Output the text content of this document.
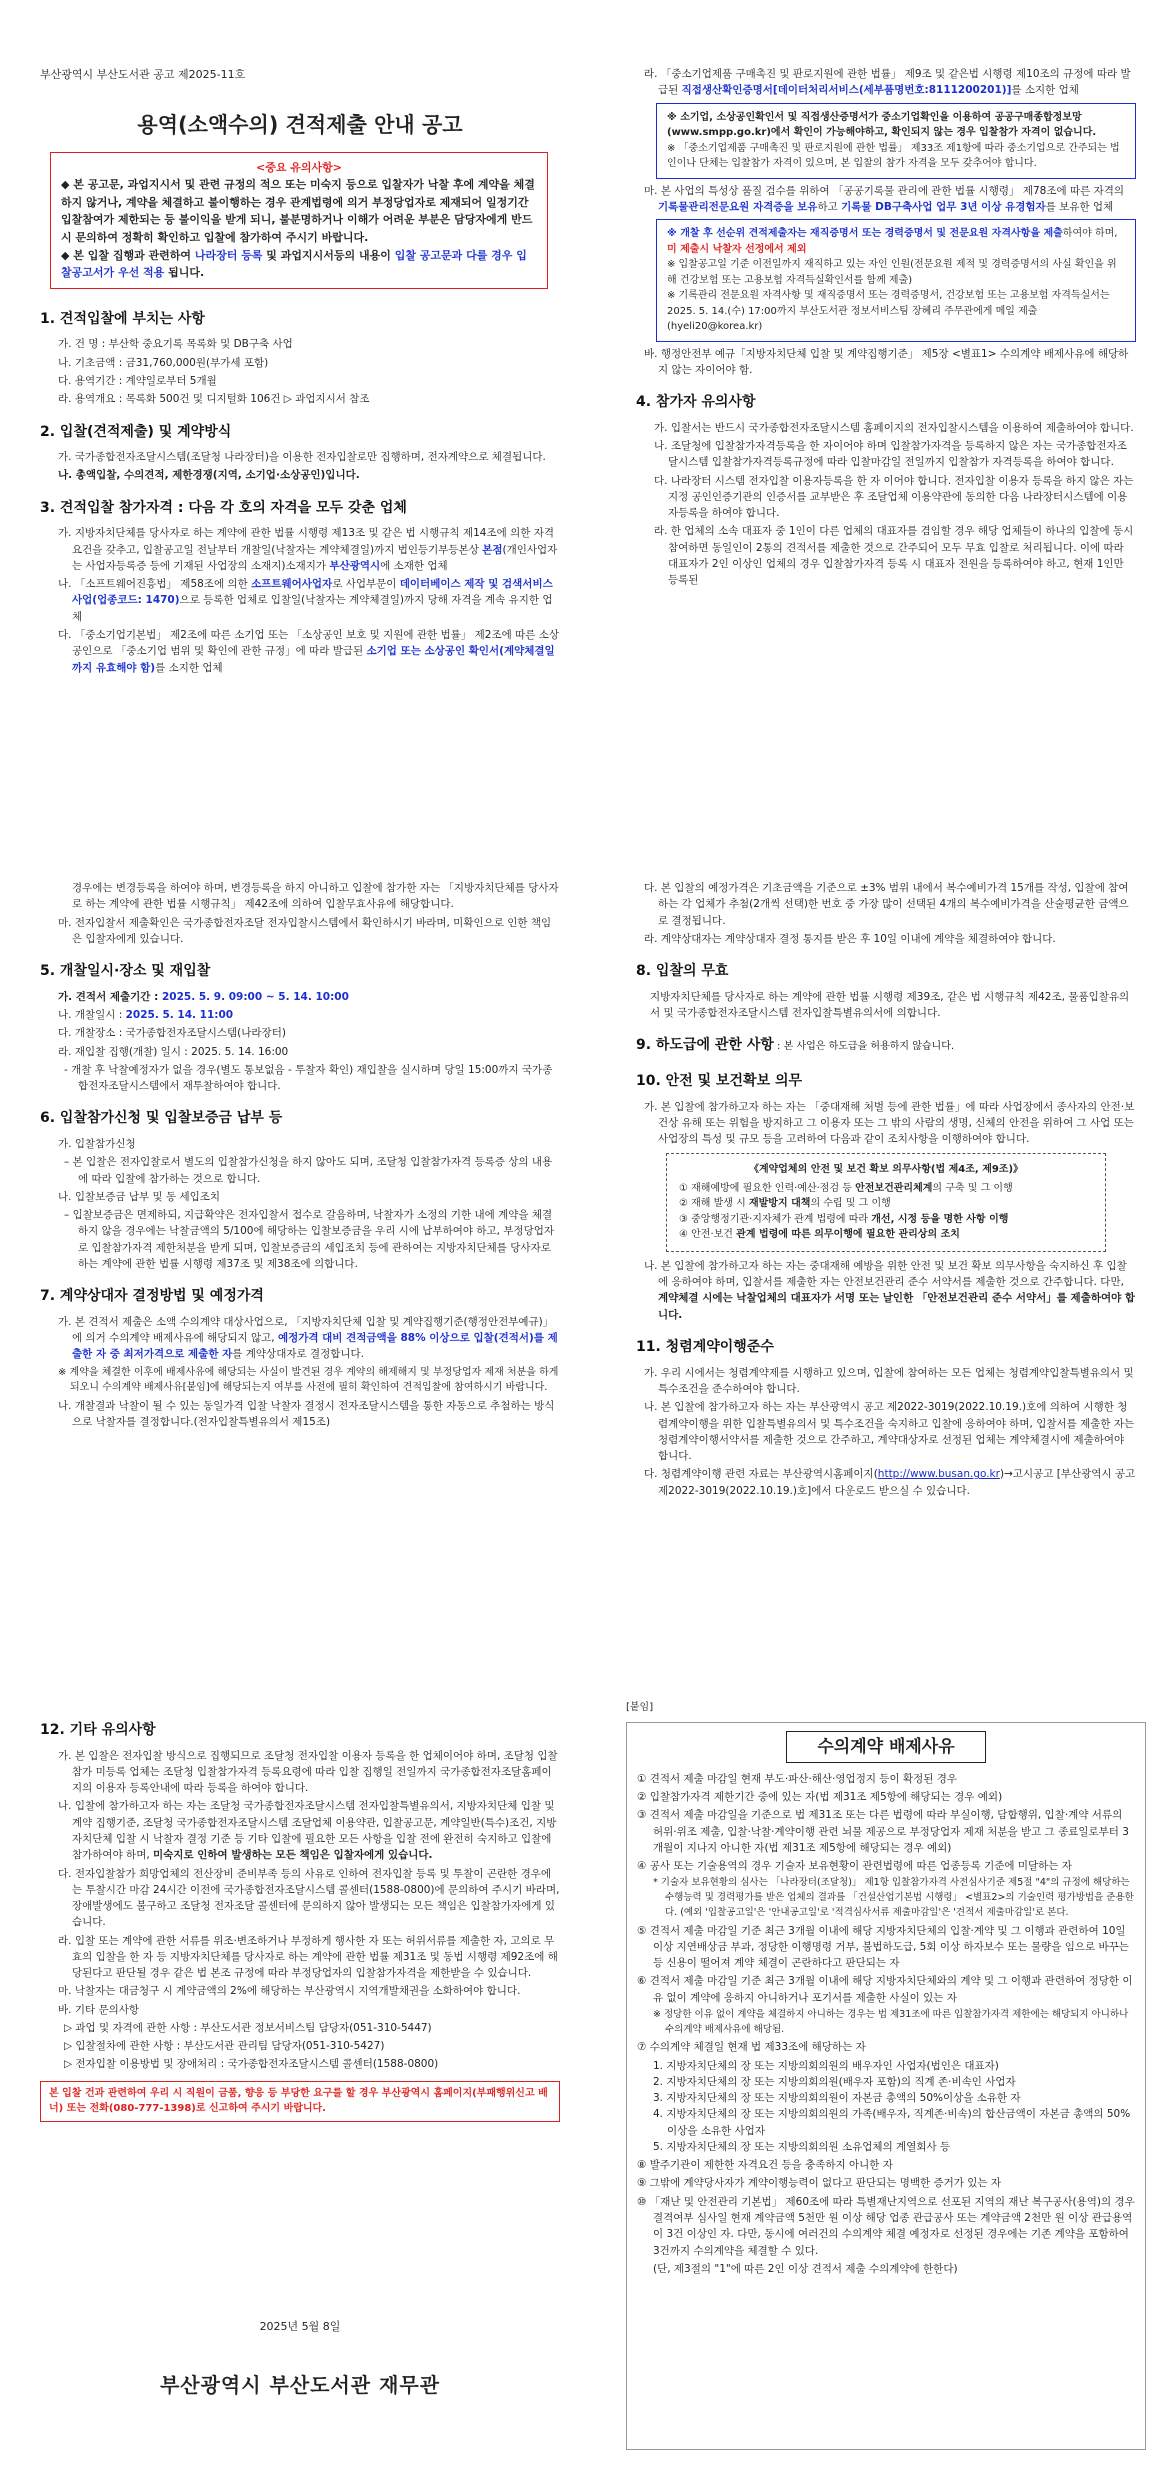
부산광역시 부산도서관 공고 제2025-11호
용역(소액수의) 견적제출 안내 공고
<중요 유의사항>
◆ 본 공고문, 과업지시서 및 관련 규정의 적으 또는 미숙지 등으로 입찰자가 낙찰 후에 계약을 체결하지 않거나, 계약을 체결하고 불이행하는 경우 관계법령에 의거 부정당업자로 제재되어 일정기간 입찰참여가 제한되는 등 불이익을 받게 되니, 불분명하거나 이해가 어려운 부분은 담당자에게 반드시 문의하여 정확히 확인하고 입찰에 참가하여 주시기 바랍니다.
◆ 본 입찰 집행과 관련하여 나라장터 등록 및 과업지시서등의 내용이 입찰 공고문과 다를 경우 입찰공고서가 우선 적용 됩니다.
1. 견적입찰에 부치는 사항
가. 건 명 : 부산학 중요기록 목록화 및 DB구축 사업
나. 기초금액 : 금31,760,000원(부가세 포함)
다. 용역기간 : 계약일로부터 5개월
라. 용역개요 : 목록화 500건 및 디지털화 106건 ▷ 과업지시서 참조
2. 입찰(견적제출) 및 계약방식
가. 국가종합전자조달시스템(조달청 나라장터)을 이용한 전자입찰로만 집행하며, 전자계약으로 체결됩니다.
나. 총액입찰, 수의견적, 제한경쟁(지역, 소기업·소상공인)입니다.
3. 견적입찰 참가자격 : 다음 각 호의 자격을 모두 갖춘 업체
가. 지방자치단체를 당사자로 하는 계약에 관한 법률 시행령 제13조 및 같은 법 시행규칙 제14조에 의한 자격요건을 갖추고, 입찰공고일 전날부터 개찰일(낙찰자는 계약체결일)까지 법인등기부등본상 본점(개인사업자는 사업자등록증 등에 기재된 사업장의 소재지)소재지가 부산광역시에 소재한 업체
나. 「소프트웨어진흥법」 제58조에 의한 소프트웨어사업자로 사업부문이 데이터베이스 제작 및 검색서비스 사업(업종코드: 1470)으로 등록한 업체로 입찰일(낙찰자는 계약체결일)까지 당해 자격을 계속 유지한 업체
다. 「중소기업기본법」 제2조에 따른 소기업 또는 「소상공인 보호 및 지원에 관한 법률」 제2조에 따른 소상공인으로 「중소기업 범위 및 확인에 관한 규정」에 따라 발급된 소기업 또는 소상공인 확인서(계약체결일까지 유효해야 함)를 소지한 업체
라. 「중소기업제품 구매촉진 및 판로지원에 관한 법률」 제9조 및 같은법 시행령 제10조의 규정에 따라 발급된 직접생산확인증명서[데이터처리서비스(세부품명번호:8111200201)]를 소지한 업체
※ 소기업, 소상공인확인서 및 직접생산증명서가 중소기업확인을 이용하여 공공구매종합정보망(www.smpp.go.kr)에서 확인이 가능해야하고, 확인되지 않는 경우 입찰참가 자격이 없습니다.
※ 「중소기업제품 구매촉진 및 판로지원에 관한 법률」 제33조 제1항에 따라 중소기업으로 간주되는 법인이나 단체는 입찰참가 자격이 있으며, 본 입찰의 참가 자격을 모두 갖추어야 합니다.
마. 본 사업의 특성상 품질 검수를 위하여 「공공기록물 관리에 관한 법률 시행령」 제78조에 따른 자격의 기록물관리전문요원 자격증을 보유하고 기록물 DB구축사업 업무 3년 이상 유경험자를 보유한 업체
※ 개찰 후 선순위 견적제출자는 재직증명서 또는 경력증명서 및 전문요원 자격사항을 제출하여야 하며, 미 제출시 낙찰자 선정에서 제외
※ 입찰공고일 기준 이전일까지 재직하고 있는 자인 인원(전문요원 제적 및 경력증명서의 사실 확인을 위해 건강보험 또는 고용보험 자격득실확인서를 함께 제출)
※ 기록관리 전문요원 자격사항 및 재직증명서 또는 경력증명서, 건강보험 또는 고용보험 자격득실서는 2025. 5. 14.(수) 17:00까지 부산도서관 정보서비스팀 장혜리 주무관에게 메일 제출(hyeli20@korea.kr)
바. 행정안전부 예규「지방자치단체 입찰 및 계약집행기준」 제5장 <별표1> 수의계약 배제사유에 해당하지 않는 자이어야 함.
4. 참가자 유의사항
가. 입찰서는 반드시 국가종합전자조달시스템 홈페이지의 전자입찰시스템을 이용하여 제출하여야 합니다.
나. 조달청에 입찰참가자격등록을 한 자이어야 하며 입찰참가자격을 등록하지 않은 자는 국가종합전자조달시스템 입찰참가자격등록규정에 따라 입찰마감일 전일까지 입찰참가 자격등록을 하여야 합니다.
다. 나라장터 시스템 전자입찰 이용자등록을 한 자 이어야 합니다. 전자입찰 이용자 등록을 하지 않은 자는 지정 공인인증기관의 인증서를 교부받은 후 조달업체 이용약관에 동의한 다음 나라장터시스템에 이용자등록을 하여야 합니다.
라. 한 업체의 소속 대표자 중 1인이 다른 업체의 대표자를 겸임할 경우 해당 업체들이 하나의 입찰에 동시 참여하면 동일인이 2통의 견적서를 제출한 것으로 간주되어 모두 무효 입찰로 처리됩니다. 이에 따라 대표자가 2인 이상인 업체의 경우 입찰참가자격 등록 시 대표자 전원을 등록하여야 하고, 현재 1인만 등록된
경우에는 변경등록을 하여야 하며, 변경등록을 하지 아니하고 입찰에 참가한 자는 「지방자치단체를 당사자로 하는 계약에 관한 법률 시행규칙」 제42조에 의하여 입찰무효사유에 해당합니다.
마. 전자입찰서 제출확인은 국가종합전자조달 전자입찰시스템에서 확인하시기 바라며, 미확인으로 인한 책임은 입찰자에게 있습니다.
5. 개찰일시·장소 및 재입찰
가. 견적서 제출기간 : 2025. 5. 9. 09:00 ~ 5. 14. 10:00
나. 개찰일시 : 2025. 5. 14. 11:00
다. 개찰장소 : 국가종합전자조달시스템(나라장터)
라. 재입찰 집행(개찰) 일시 : 2025. 5. 14. 16:00
- 개찰 후 낙찰예정자가 없을 경우(별도 통보없음 - 투찰자 확인) 재입찰을 실시하며 당일 15:00까지 국가종합전자조달시스템에서 재투찰하여야 합니다.
6. 입찰참가신청 및 입찰보증금 납부 등
가. 입찰참가신청
– 본 입찰은 전자입찰로서 별도의 입찰참가신청을 하지 않아도 되며, 조달청 입찰참가자격 등록증 상의 내용에 따라 입찰에 참가하는 것으로 합니다.
나. 입찰보증금 납부 및 동 세입조치
– 입찰보증금은 면제하되, 지급확약은 전자입찰서 접수로 갈음하며, 낙찰자가 소정의 기한 내에 계약을 체결하지 않을 경우에는 낙찰금액의 5/100에 해당하는 입찰보증금을 우리 시에 납부하여야 하고, 부정당업자로 입찰참가자격 제한처분을 받게 되며, 입찰보증금의 세입조치 등에 관하여는 지방자치단체를 당사자로 하는 계약에 관한 법률 시행령 제37조 및 제38조에 의합니다.
7. 계약상대자 결정방법 및 예정가격
가. 본 견적서 제출은 소액 수의계약 대상사업으로, 「지방자치단체 입찰 및 계약집행기준(행정안전부예규)」에 의거 수의계약 배제사유에 해당되지 않고, 예정가격 대비 견적금액을 88% 이상으로 입찰(견적서)를 제출한 자 중 최저가격으로 제출한 자를 계약상대자로 결정합니다.
※ 계약을 체결한 이후에 배제사유에 해당되는 사실이 발견된 경우 계약의 해제해지 및 부정당업자 제재 처분을 하게 되오니 수의계약 배제사유[붙임]에 해당되는지 여부를 사전에 필히 확인하여 견적입찰에 참여하시기 바랍니다.
나. 개찰결과 낙찰이 될 수 있는 동일가격 입찰 낙찰자 결정시 전자조달시스템을 통한 자동으로 추첨하는 방식으로 낙찰자를 결정합니다.(전자입찰특별유의서 제15조)
다. 본 입찰의 예정가격은 기초금액을 기준으로 ±3% 범위 내에서 복수예비가격 15개를 작성, 입찰에 참여하는 각 업체가 추첨(2개씩 선택)한 번호 중 가장 많이 선택된 4개의 복수예비가격을 산술평균한 금액으로 결정됩니다.
라. 계약상대자는 계약상대자 결정 통지를 받은 후 10일 이내에 계약을 체결하여야 합니다.
8. 입찰의 무효
지방자치단체를 당사자로 하는 계약에 관한 법률 시행령 제39조, 같은 법 시행규칙 제42조, 물품입찰유의서 및 국가종합전자조달시스템 전자입찰특별유의서에 의합니다.
9. 하도급에 관한 사항 : 본 사업은 하도급을 허용하지 않습니다.
10. 안전 및 보건확보 의무
가. 본 입찰에 참가하고자 하는 자는 「중대재해 처벌 등에 관한 법률」에 따라 사업장에서 종사자의 안전·보건상 유해 또는 위험을 방지하고 그 이용자 또는 그 밖의 사람의 생명, 신체의 안전을 위하여 그 사업 또는 사업장의 특성 및 규모 등을 고려하여 다음과 같이 조치사항을 이행하여야 합니다.
《계약업체의 안전 및 보건 확보 의무사항(법 제4조, 제9조)》
① 재해예방에 필요한 인력·예산·점검 등 안전보건관리체계의 구축 및 그 이행
② 재해 발생 시 재발방지 대책의 수립 및 그 이행
③ 중앙행정기관·지자체가 관계 법령에 따라 개선, 시정 등을 명한 사항 이행
④ 안전·보건 관계 법령에 따른 의무이행에 필요한 관리상의 조치
나. 본 입찰에 참가하고자 하는 자는 중대재해 예방을 위한 안전 및 보건 확보 의무사항을 숙지하신 후 입찰에 응하여야 하며, 입찰서를 제출한 자는 안전보건관리 준수 서약서를 제출한 것으로 간주합니다. 다만, 계약체결 시에는 낙찰업체의 대표자가 서명 또는 날인한 「안전보건관리 준수 서약서」를 제출하여야 합니다.
11. 청렴계약이행준수
가. 우리 시에서는 청렴계약제를 시행하고 있으며, 입찰에 참여하는 모든 업체는 청렴계약입찰특별유의서 및 특수조건을 준수하여야 합니다.
나. 본 입찰에 참가하고자 하는 자는 부산광역시 공고 제2022-3019(2022.10.19.)호에 의하여 시행한 청렴계약이행을 위한 입찰특별유의서 및 특수조건을 숙지하고 입찰에 응하여야 하며, 입찰서를 제출한 자는 청렴계약이행서약서를 제출한 것으로 간주하고, 계약대상자로 선정된 업체는 계약체결시에 제출하여야 합니다.
다. 청렴계약이행 관련 자료는 부산광역시홈페이지(http://www.busan.go.kr)→고시공고 [부산광역시 공고 제2022-3019(2022.10.19.)호]에서 다운로드 받으실 수 있습니다.
12. 기타 유의사항
가. 본 입찰은 전자입찰 방식으로 집행되므로 조달청 전자입찰 이용자 등록을 한 업체이어야 하며, 조달청 입찰참가 미등록 업체는 조달청 입찰참가자격 등록요령에 따라 입찰 집행일 전일까지 국가종합전자조달홈페이지의 이용자 등록안내에 따라 등록을 하여야 합니다.
나. 입찰에 참가하고자 하는 자는 조달청 국가종합전자조달시스템 전자입찰특별유의서, 지방자치단체 입찰 및 계약 집행기준, 조달청 국가종합전자조달시스템 조달업체 이용약관, 입찰공고문, 계약일반(특수)조건, 지방자치단체 입찰 시 낙찰자 결정 기준 등 기타 입찰에 필요한 모든 사항을 입찰 전에 완전히 숙지하고 입찰에 참가하여야 하며, 미숙지로 인하여 발생하는 모든 책임은 입찰자에게 있습니다.
다. 전자입찰참가 희망업체의 전산장비 준비부족 등의 사유로 인하여 전자입찰 등록 및 투찰이 곤란한 경우에는 투찰시간 마감 24시간 이전에 국가종합전자조달시스템 콜센터(1588-0800)에 문의하여 주시기 바라며, 장애발생에도 불구하고 조달청 전자조달 콜센터에 문의하지 않아 발생되는 모든 책임은 입찰참가자에게 있습니다.
라. 입찰 또는 계약에 관한 서류를 위조·변조하거나 부정하게 행사한 자 또는 허위서류를 제출한 자, 고의로 무효의 입찰을 한 자 등 지방자치단체를 당사자로 하는 계약에 관한 법률 제31조 및 동법 시행령 제92조에 해당된다고 판단될 경우 같은 법 본조 규정에 따라 부정당업자의 입찰참가자격을 제한받을 수 있습니다.
마. 낙찰자는 대금청구 시 계약금액의 2%에 해당하는 부산광역시 지역개발채권을 소화하여야 합니다.
바. 기타 문의사항
▷ 과업 및 자격에 관한 사항 : 부산도서관 정보서비스팀 담당자(051-310-5447)
▷ 입찰절차에 관한 사항 : 부산도서관 관리팀 담당자(051-310-5427)
▷ 전자입찰 이용방법 및 장애처리 : 국가종합전자조달시스템 콜센터(1588-0800)
본 입찰 건과 관련하여 우리 시 직원이 금품, 향응 등 부당한 요구를 할 경우 부산광역시 홈페이지(부패행위신고 배너) 또는 전화(080-777-1398)로 신고하여 주시기 바랍니다.
2025년 5월 8일
부산광역시 부산도서관 재무관
[붙임]
수의계약 배제사유
① 견적서 제출 마감일 현재 부도·파산·해산·영업정지 등이 확정된 경우
② 입찰참가자격 제한기간 중에 있는 자(법 제31조 제5항에 해당되는 경우 예외)
③ 견적서 제출 마감일을 기준으로 법 제31조 또는 다른 법령에 따라 부실이행, 담합행위, 입찰·계약 서류의 허위·위조 제출, 입찰·낙찰·계약이행 관련 뇌물 제공으로 부정당업자 제재 처분을 받고 그 종료일로부터 3개월이 지나지 아니한 자(법 제31조 제5항에 해당되는 경우 예외)
④ 공사 또는 기술용역의 경우 기술자 보유현황이 관련법령에 따른 업종등록 기준에 미달하는 자
* 기술자 보유현황의 심사는 「나라장터(조달청)」 제1항 입찰참가자격 사전심사기준 제5절 "4"의 규정에 해당하는 수행능력 및 경력평가를 받은 업체의 결과를 「건설산업기본법 시행령」 <별표2>의 기술인력 평가방법을 준용한다. (예외 '입찰공고일'은 '안내공고일'로 '적격심사서류 제출마감일'은 '견적서 제출마감일'로 본다.
⑤ 견적서 제출 마감일 기준 최근 3개월 이내에 해당 지방자치단체의 입찰·계약 및 그 이행과 관련하여 10일 이상 지연배상금 부과, 정당한 이행명령 거부, 불법하도급, 5회 이상 하자보수 또는 물량을 임으로 바꾸는 등 신용이 떨어져 계약 체결이 곤란하다고 판단되는 자
⑥ 견적서 제출 마감일 기준 최근 3개월 이내에 해당 지방자치단체와의 계약 및 그 이행과 관련하여 정당한 이유 없이 계약에 응하지 아니하거나 포기서를 제출한 사실이 있는 자
※ 정당한 이유 없이 계약을 체결하지 아니하는 경우는 법 제31조에 따른 입찰참가자격 제한에는 해당되지 아니하나 수의계약 배제사유에 해당됨.
⑦ 수의계약 체결일 현재 법 제33조에 해당하는 자
1. 지방자치단체의 장 또는 지방의회의원의 배우자인 사업자(법인은 대표자)
2. 지방자치단체의 장 또는 지방의회의원(배우자 포함)의 직계 존·비속인 사업자
3. 지방자치단체의 장 또는 지방의회의원이 자본금 총액의 50%이상을 소유한 자
4. 지방자치단체의 장 또는 지방의회의원의 가족(배우자, 직계존·비속)의 합산금액이 자본금 총액의 50% 이상을 소유한 사업자
5. 지방자치단체의 장 또는 지방의회의원 소유업체의 계열회사 등
⑧ 발주기관이 제한한 자격요건 등을 충족하지 아니한 자
⑨ 그밖에 계약당사자가 계약이행능력이 없다고 판단되는 명백한 증거가 있는 자
⑩ 「재난 및 안전관리 기본법」 제60조에 따라 특별재난지역으로 선포된 지역의 재난 복구공사(용역)의 경우 결격여부 심사일 현재 계약금액 5천만 원 이상 해당 업종 관급공사 또는 계약금액 2천만 원 이상 관급용역이 3건 이상인 자. 다만, 동시에 여러건의 수의계약 체결 예정자로 선정된 경우에는 기존 계약을 포함하여 3건까지 수의계약을 체결할 수 있다.
(단, 제3절의 "1"에 따른 2인 이상 견적서 제출 수의계약에 한한다)
